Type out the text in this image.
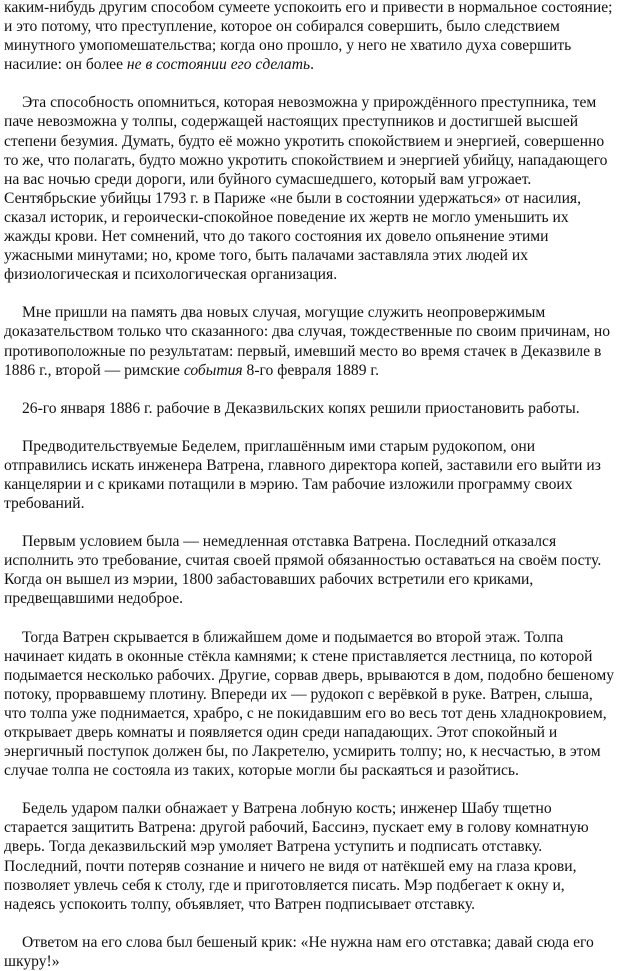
каким-нибудь другим способом сумеете успокоить его и привести в нормальное состояние; и это потому, что преступление, которое он собирался совершить, было следствием минутного умопомешательства; когда оно прошло, у него не хватило духа совершить насилие: он более не в состоянии его сделать.

Эта способность опомниться, которая невозможна у прирождённого преступника, тем паче невозможна у толпы, содержащей настоящих преступников и достигшей высшей степени безумия. Думать, будто её можно укротить спокойствием и энергией, совершенно то же, что полагать, будто можно укротить спокойствием и энергией убийцу, нападающего на вас ночью среди дороги, или буйного сумасшедшего, который вам угрожает. Сентябрьские убийцы 1793 г. в Париже «не были в состоянии удержаться» от насилия, сказал историк, и героически-спокойное поведение их жертв не могло уменьшить их жажды крови. Нет сомнений, что до такого состояния их довело опьянение этими ужасными минутами; но, кроме того, быть палачами заставляла этих людей их физиологическая и психологическая организация.

Мне пришли на память два новых случая, могущие служить неопровержимым доказательством только что сказанного: два случая, тождественные по своим причинам, но противоположные по результатам: первый, имевший место во время стачек в Деказвиле в 1886 г., второй — римские события 8-го февраля 1889 г.

26-го января 1886 г. рабочие в Деказвильских копях решили приостановить работы.

Предводительствуемые Беделем, приглашённым ими старым рудокопом, они отправились искать инженера Ватрена, главного директора копей, заставили его выйти из канцелярии и с криками потащили в мэрию. Там рабочие изложили программу своих требований.

Первым условием была — немедленная отставка Ватрена. Последний отказался исполнить это требование, считая своей прямой обязанностью оставаться на своём посту. Когда он вышел из мэрии, 1800 забастовавших рабочих встретили его криками, предвещавшими недоброе.

Тогда Ватрен скрывается в ближайшем доме и подымается во второй этаж. Толпа начинает кидать в оконные стёкла камнями; к стене приставляется лестница, по которой подымается несколько рабочих. Другие, сорвав дверь, врываются в дом, подобно бешеному потоку, прорвавшему плотину. Впереди их — рудокоп с верёвкой в руке. Ватрен, слыша, что толпа уже поднимается, храбро, с не покидавшим его во весь тот день хладнокровием, открывает дверь комнаты и появляется один среди нападающих. Этот спокойный и энергичный поступок должен бы, по Лакретелю, усмирить толпу; но, к несчастью, в этом случае толпа не состояла из таких, которые могли бы раскаяться и разойтись.

Бедель ударом палки обнажает у Ватрена лобную кость; инженер Шабу тщетно старается защитить Ватрена: другой рабочий, Бассинэ, пускает ему в голову комнатную дверь. Тогда деказвильский мэр умоляет Ватрена уступить и подписать отставку. Последний, почти потеряв сознание и ничего не видя от натёкшей ему на глаза крови, позволяет увлечь себя к столу, где и приготовляется писать. Мэр подбегает к окну и, надеясь успокоить толпу, объявляет, что Ватрен подписывает отставку.

Ответом на его слова был бешеный крик: «Не нужна нам его отставка; давай сюда его шкуру!»
